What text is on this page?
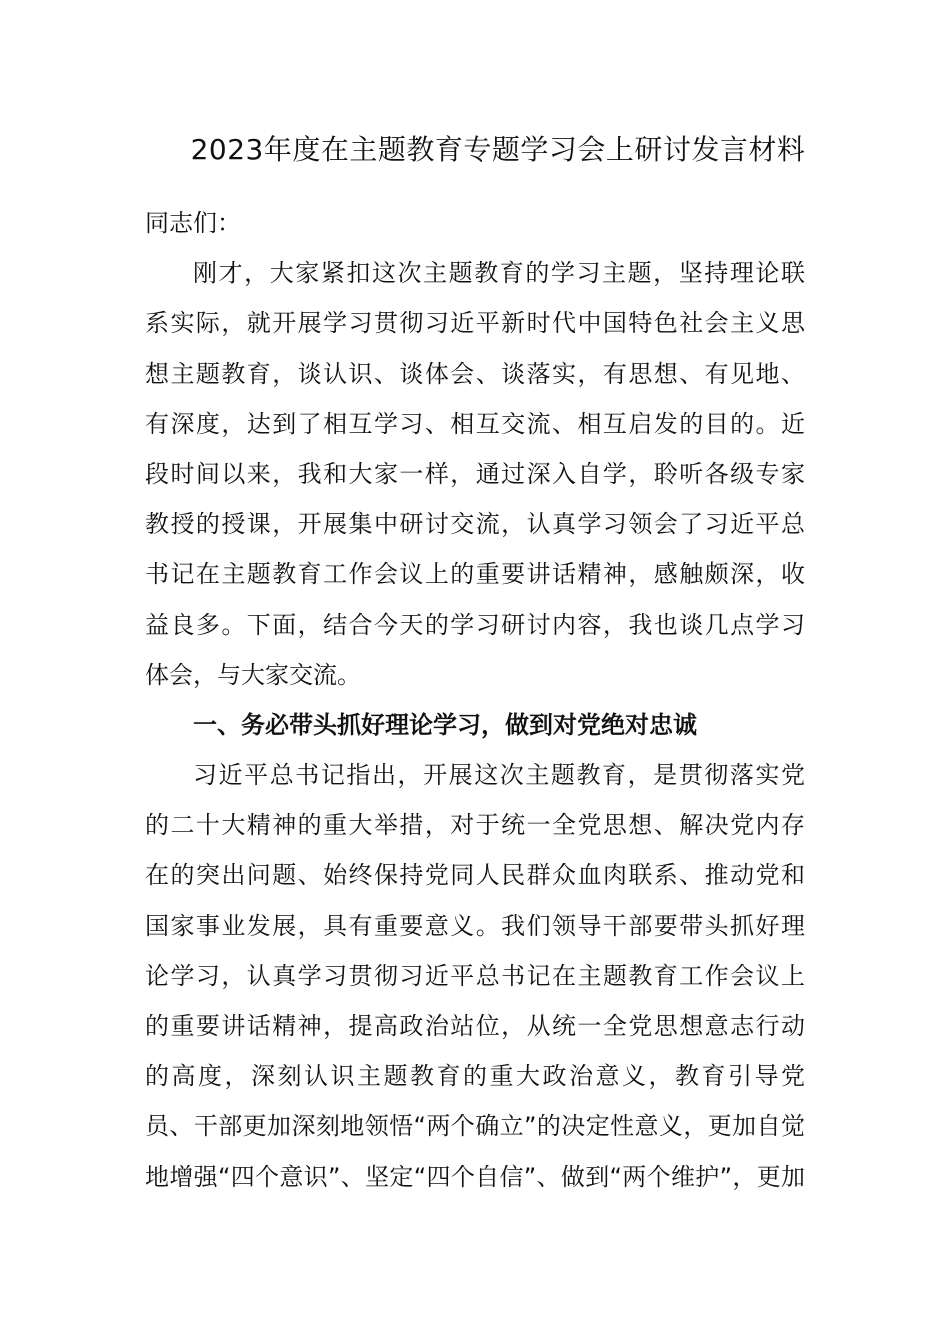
2023年度在主题教育专题学习会上研讨发言材料
同志们：
刚才，大家紧扣这次主题教育的学习主题，坚持理论联
系实际，就开展学习贯彻习近平新时代中国特色社会主义思
想主题教育，谈认识、谈体会、谈落实，有思想、有见地、
有深度，达到了相互学习、相互交流、相互启发的目的。近
段时间以来，我和大家一样，通过深入自学，聆听各级专家
教授的授课，开展集中研讨交流，认真学习领会了习近平总
书记在主题教育工作会议上的重要讲话精神，感触颇深，收
益良多。下面，结合今天的学习研讨内容，我也谈几点学习
体会，与大家交流。
一、务必带头抓好理论学习，做到对党绝对忠诚
习近平总书记指出，开展这次主题教育，是贯彻落实党
的二十大精神的重大举措，对于统一全党思想、解决党内存
在的突出问题、始终保持党同人民群众血肉联系、推动党和
国家事业发展，具有重要意义。我们领导干部要带头抓好理
论学习，认真学习贯彻习近平总书记在主题教育工作会议上
的重要讲话精神，提高政治站位，从统一全党思想意志行动
的高度，深刻认识主题教育的重大政治意义，教育引导党
员、干部更加深刻地领悟“两个确立”的决定性意义，更加自觉
地增强“四个意识”、坚定“四个自信”、做到“两个维护”，更加
